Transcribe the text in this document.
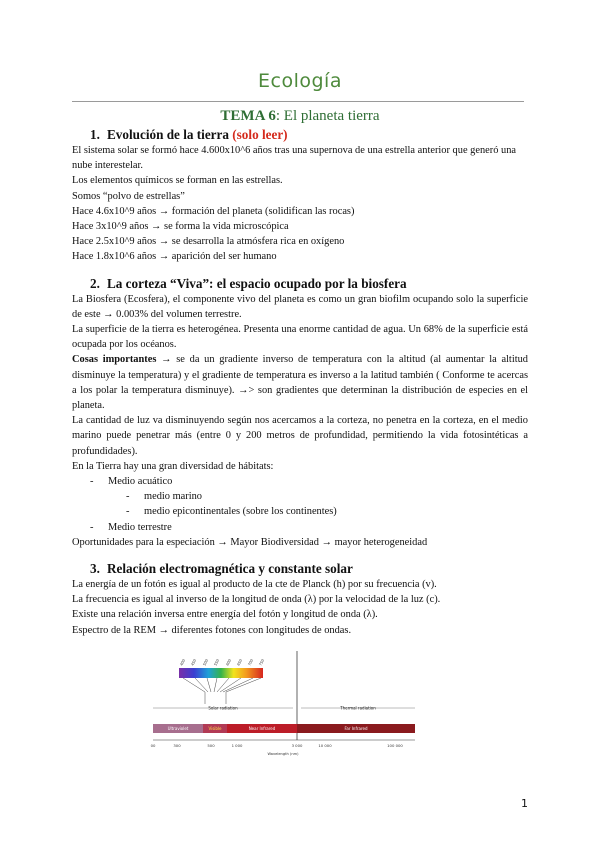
Ecología
TEMA 6: El planeta tierra
1. Evolución de la tierra (solo leer)

El sistema solar se formó hace 4.600x10^6 años tras una supernova de una estrella anterior que generó una nube interestelar.

Los elementos químicos se forman en las estrellas.

Somos “polvo de estrellas”

Hace 4.6x10^9 años → formación del planeta (solidifican las rocas)

Hace 3x10^9 años → se forma la vida microscópica

Hace 2.5x10^9 años → se desarrolla la atmósfera rica en oxígeno

Hace 1.8x10^6 años → aparición del ser humano

2. La corteza “Viva”: el espacio ocupado por la biosfera

La Biosfera (Ecosfera), el componente vivo del planeta es como un gran biofilm ocupando solo la superficie de este → 0.003% del volumen terrestre.

La superficie de la tierra es heterogénea. Presenta una enorme cantidad de agua. Un 68% de la superficie está ocupada por los océanos.

Cosas importantes → se da un gradiente inverso de temperatura con la altitud (al aumentar la altitud disminuye la temperatura) y el gradiente de temperatura es inverso a la latitud también ( Conforme te acercas a los polar la temperatura disminuye). →> son gradientes que determinan la distribución de especies en el planeta.

La cantidad de luz va disminuyendo según nos acercamos a la corteza, no penetra en la corteza, en el medio marino puede penetrar más (entre 0 y 200 metros de profundidad, permitiendo la vida fotosintéticas a profundidades).

En la Tierra hay una gran diversidad de hábitats:

- Medio acuático
- medio marino
- medio epicontinentales (sobre los continentes)
- Medio terrestre

Oportunidades para la especiación → Mayor Biodiversidad → mayor heterogeneidad

3. Relación electromagnética y constante solar

La energía de un fotón es igual al producto de la cte de Planck (h) por su frecuencia (v).

La frecuencia es igual al inverso de la longitud de onda (λ) por la velocidad de la luz (c).

Existe una relación inversa entre energía del fotón y longitud de onda (λ).

Espectro de la REM → diferentes fotones con longitudes de ondas.

400 450 500 550 600 650 700 750
Solar radiation	Thermal radiation
Ultraviolet	Visible	Near Infrared	Far Infrared
00	300	500	1 000	3 000	10 000	100 000
Wavelength (nm)
1
